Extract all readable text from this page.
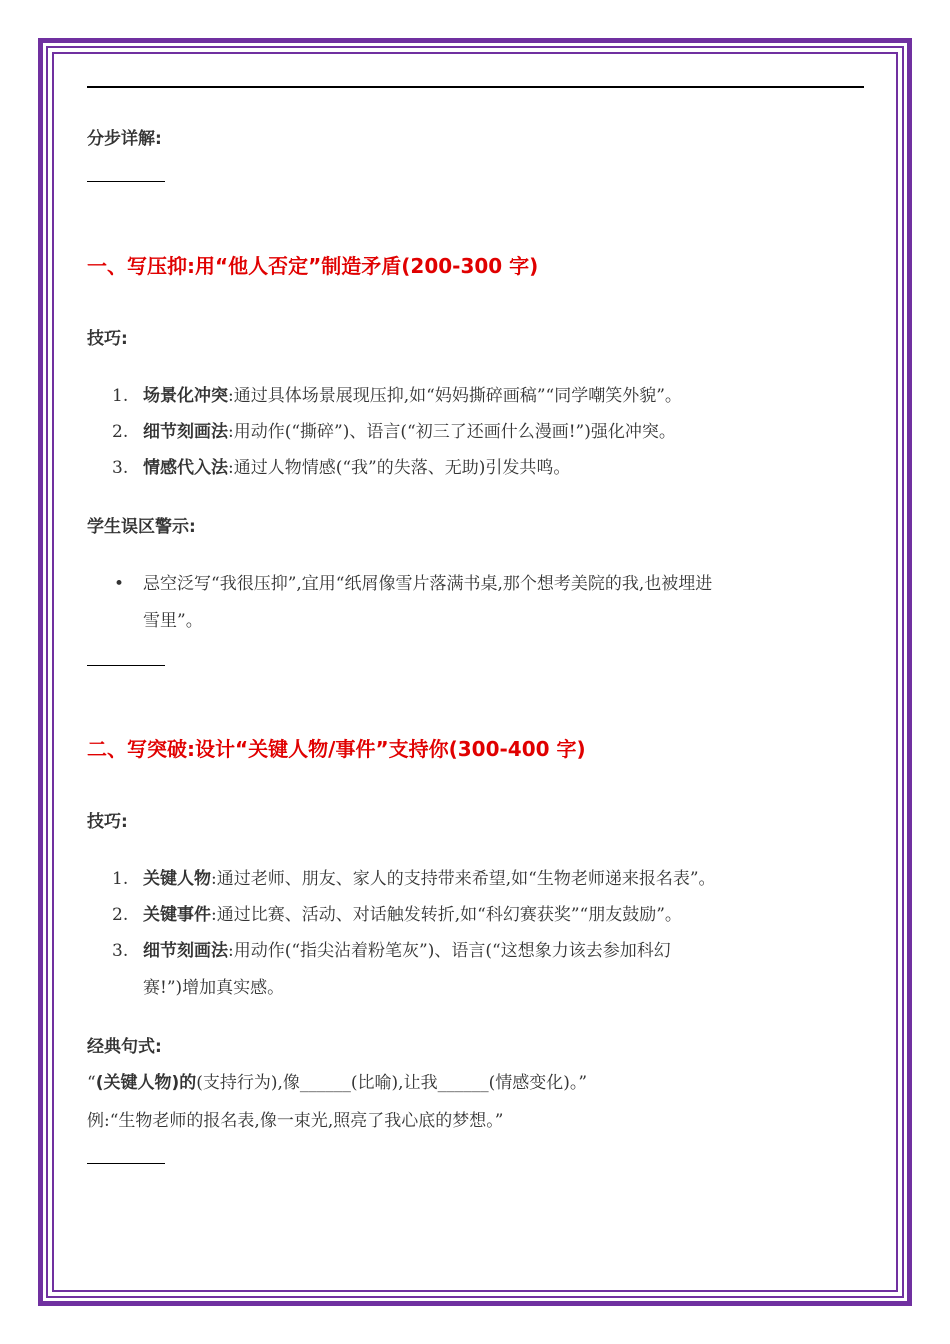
分步详解:
一、写压抑:用“他人否定”制造矛盾(200-300 字)
技巧:
1. 场景化冲突:通过具体场景展现压抑,如“妈妈撕碎画稿”“同学嘲笑外貌”。
2. 细节刻画法:用动作(“撕碎”)、语言(“初三了还画什么漫画!”)强化冲突。
3. 情感代入法:通过人物情感(“我”的失落、无助)引发共鸣。
学生误区警示:
• 忌空泛写“我很压抑”,宜用“纸屑像雪片落满书桌,那个想考美院的我,也被埋进
雪里”。
二、写突破:设计“关键人物/事件”支持你(300-400 字)
技巧:
1. 关键人物:通过老师、朋友、家人的支持带来希望,如“生物老师递来报名表”。
2. 关键事件:通过比赛、活动、对话触发转折,如“科幻赛获奖”“朋友鼓励”。
3. 细节刻画法:用动作(“指尖沾着粉笔灰”)、语言(“这想象力该去参加科幻
赛!”)增加真实感。
经典句式:
“(关键人物)的(支持行为),像______(比喻),让我______(情感变化)。”
例:“生物老师的报名表,像一束光,照亮了我心底的梦想。”
